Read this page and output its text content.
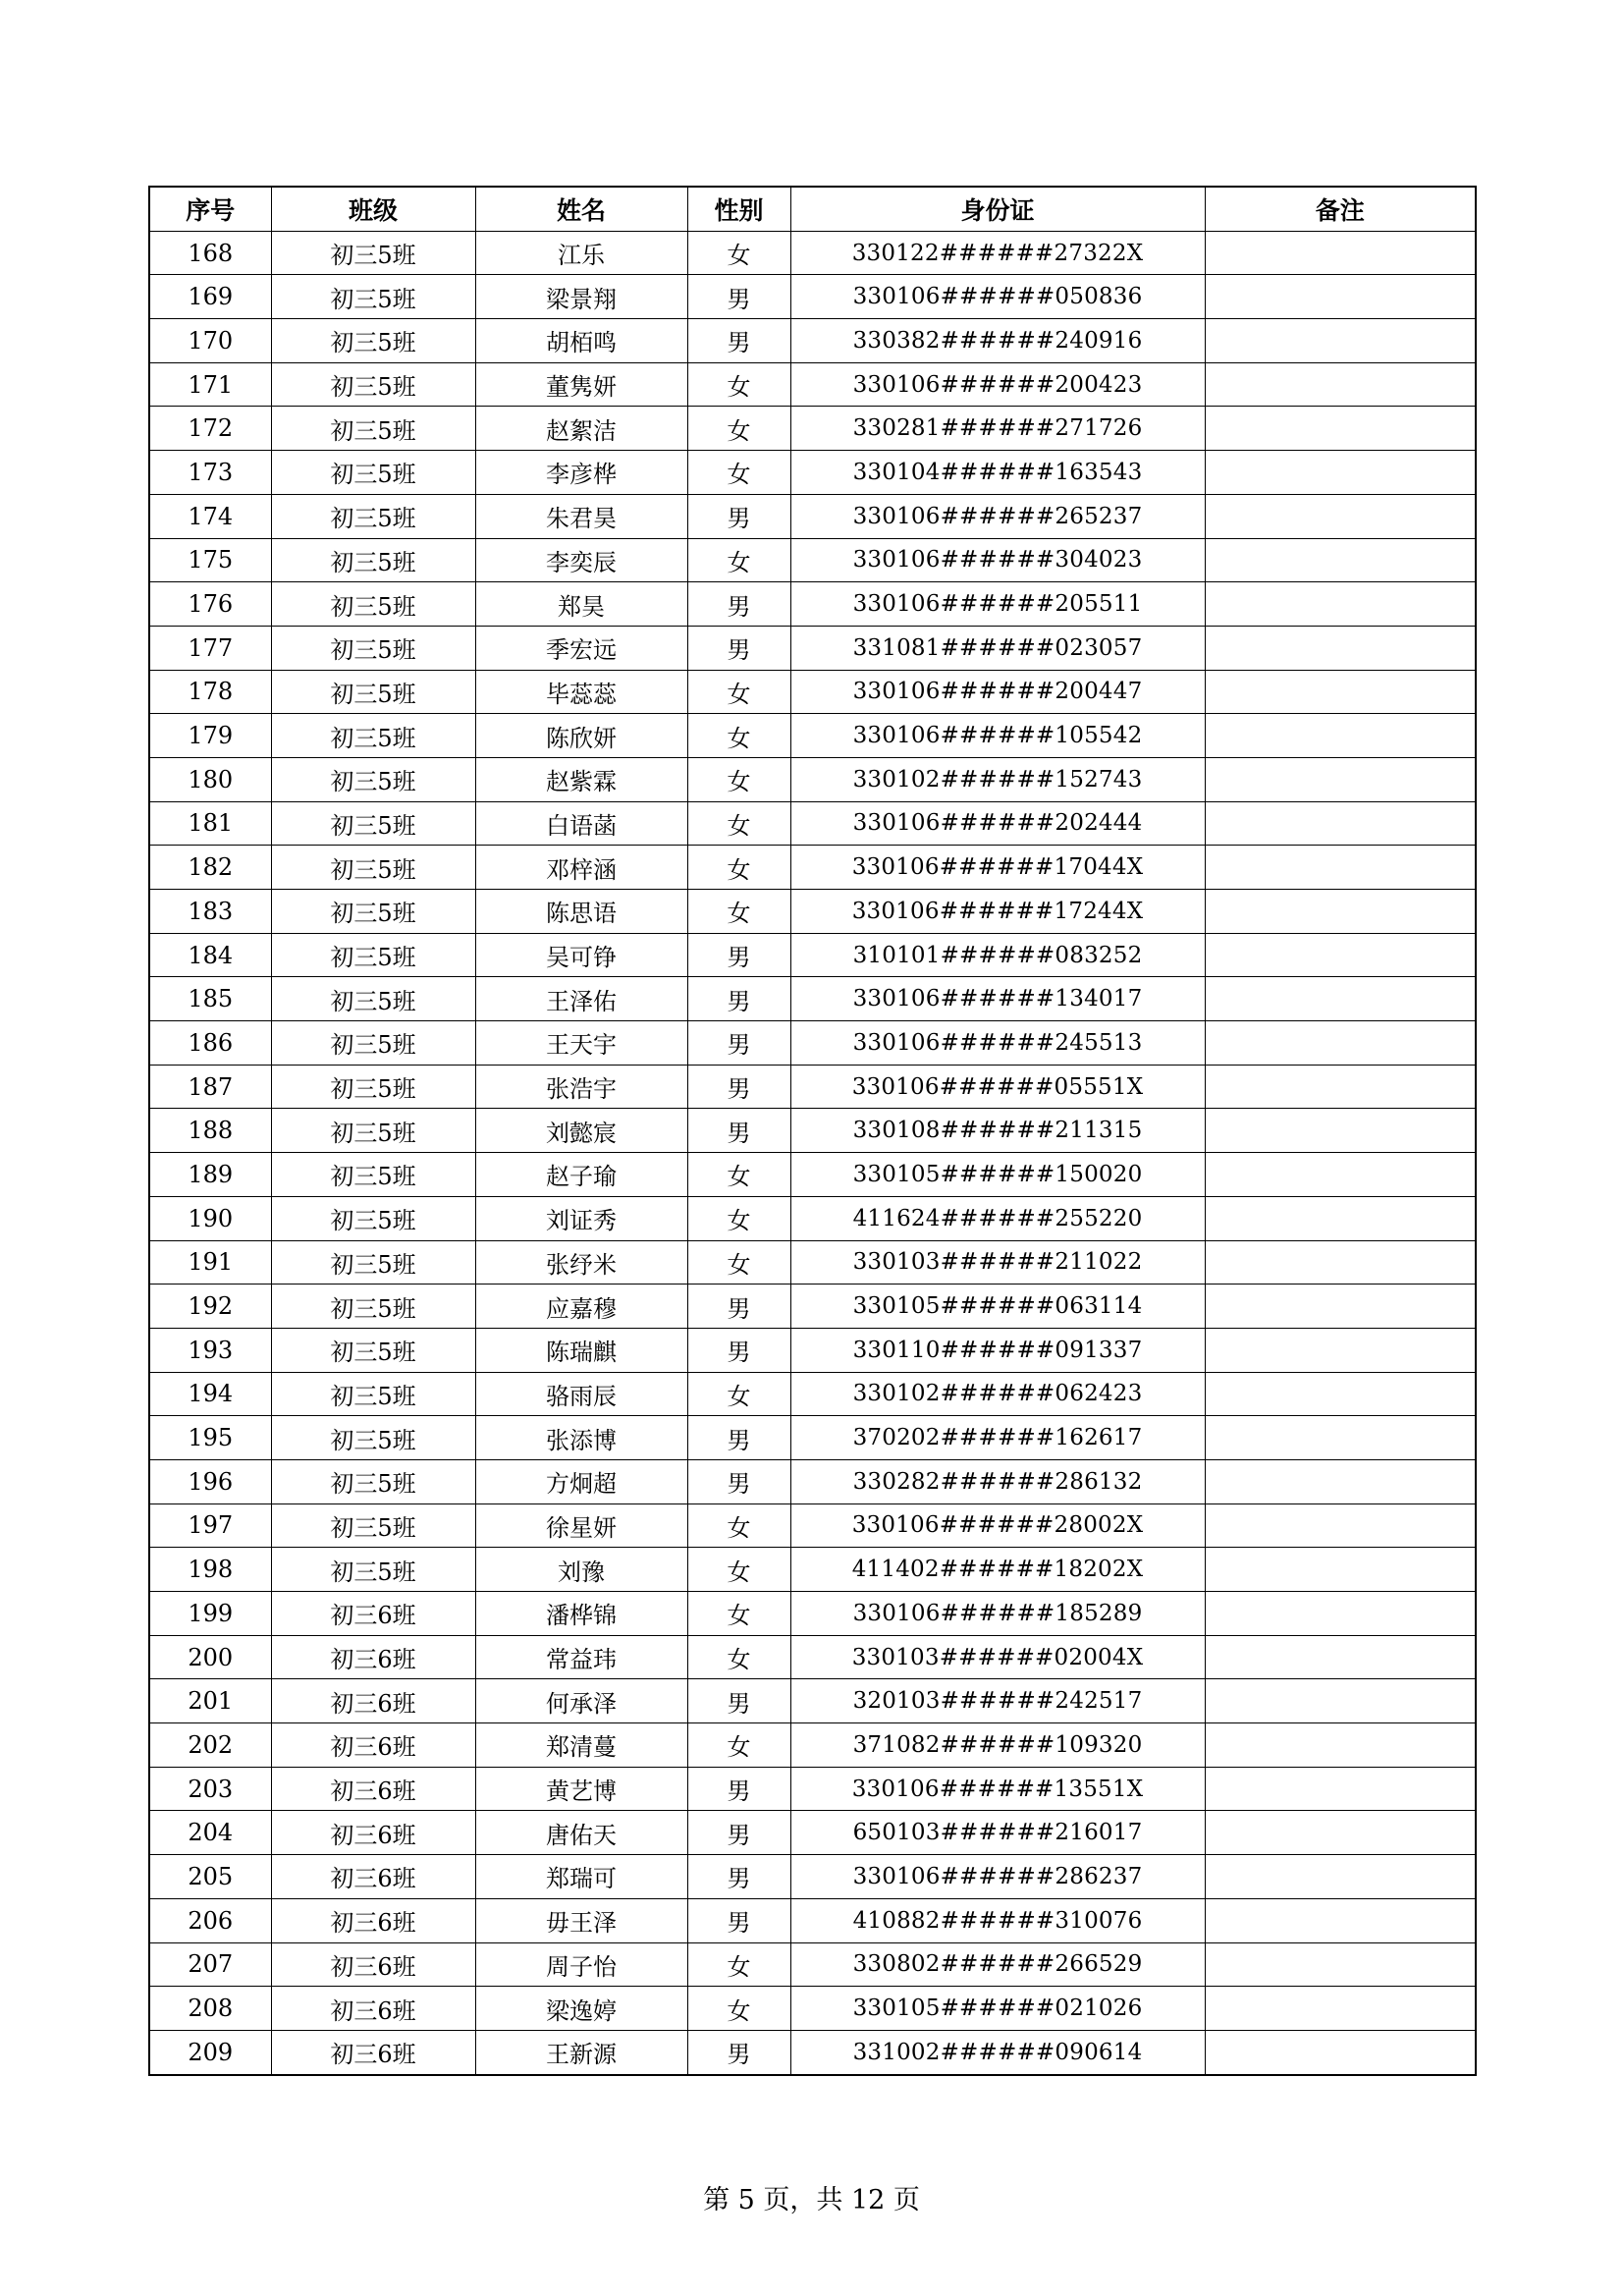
序号	班级	姓名	性别	身份证	备注
168	初三5班	江乐	女	330122######27322X	
169	初三5班	梁景翔	男	330106######050836	
170	初三5班	胡栢鸣	男	330382######240916	
171	初三5班	董隽妍	女	330106######200423	
172	初三5班	赵絮洁	女	330281######271726	
173	初三5班	李彦桦	女	330104######163543	
174	初三5班	朱君昊	男	330106######265237	
175	初三5班	李奕辰	女	330106######304023	
176	初三5班	郑昊	男	330106######205511	
177	初三5班	季宏远	男	331081######023057	
178	初三5班	毕蕊蕊	女	330106######200447	
179	初三5班	陈欣妍	女	330106######105542	
180	初三5班	赵紫霖	女	330102######152743	
181	初三5班	白语菡	女	330106######202444	
182	初三5班	邓梓涵	女	330106######17044X	
183	初三5班	陈思语	女	330106######17244X	
184	初三5班	吴可铮	男	310101######083252	
185	初三5班	王泽佑	男	330106######134017	
186	初三5班	王天宇	男	330106######245513	
187	初三5班	张浩宇	男	330106######05551X	
188	初三5班	刘懿宸	男	330108######211315	
189	初三5班	赵子瑜	女	330105######150020	
190	初三5班	刘证秀	女	411624######255220	
191	初三5班	张纾米	女	330103######211022	
192	初三5班	应嘉穆	男	330105######063114	
193	初三5班	陈瑞麒	男	330110######091337	
194	初三5班	骆雨辰	女	330102######062423	
195	初三5班	张添博	男	370202######162617	
196	初三5班	方炯超	男	330282######286132	
197	初三5班	徐星妍	女	330106######28002X	
198	初三5班	刘豫	女	411402######18202X	
199	初三6班	潘桦锦	女	330106######185289	
200	初三6班	常益玮	女	330103######02004X	
201	初三6班	何承泽	男	320103######242517	
202	初三6班	郑清蔓	女	371082######109320	
203	初三6班	黄艺博	男	330106######13551X	
204	初三6班	唐佑天	男	650103######216017	
205	初三6班	郑瑞可	男	330106######286237	
206	初三6班	毋王泽	男	410882######310076	
207	初三6班	周子怡	女	330802######266529	
208	初三6班	梁逸婷	女	330105######021026	
209	初三6班	王新源	男	331002######090614	
第 5 页，共 12 页
